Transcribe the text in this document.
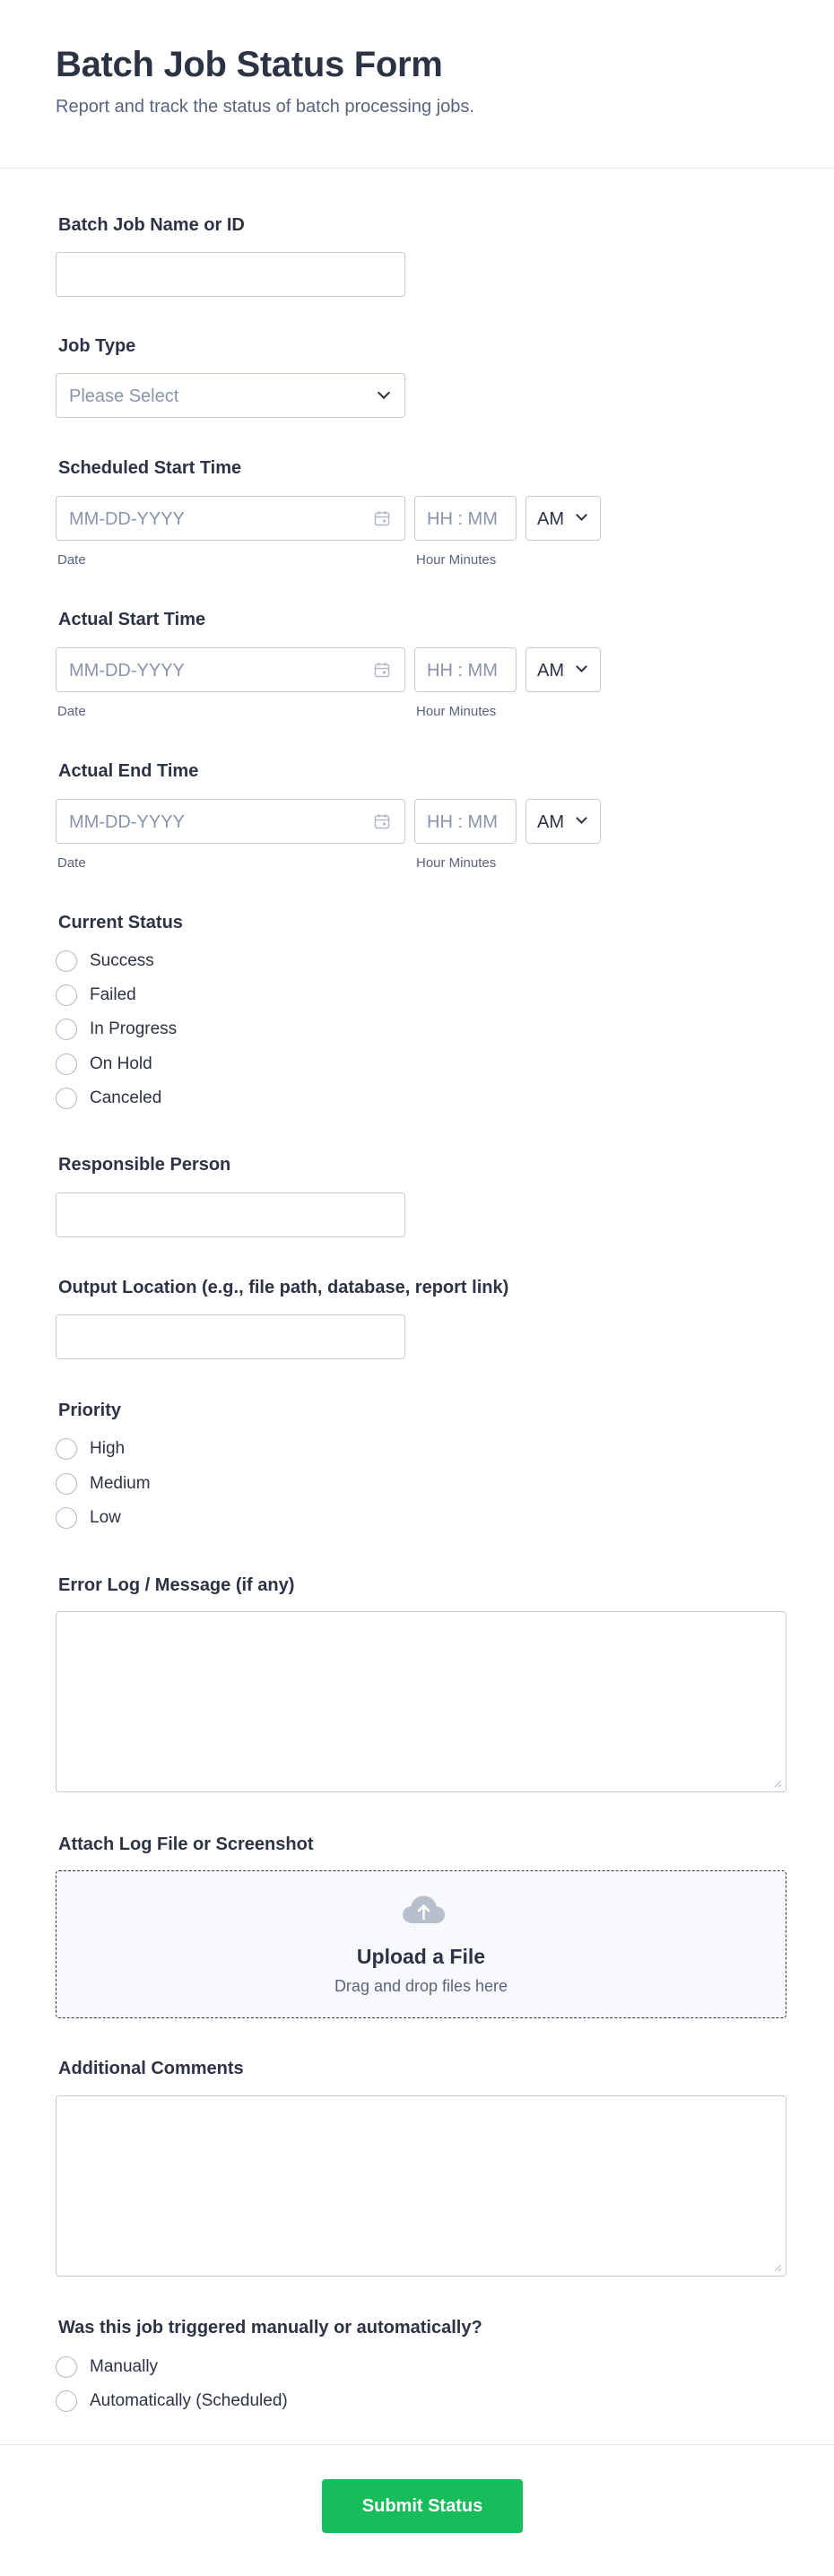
Batch Job Status Form
Report and track the status of batch processing jobs.
Batch Job Name or ID
Job Type
Please Select
Scheduled Start Time
MM-DD-YYYY	HH : MM AM
Date	Hour Minutes
Actual Start Time
MM-DD-YYYY	HH : MM AM
Date	Hour Minutes
Actual End Time
MM-DD-YYYY	HH : MM AM
Date	Hour Minutes
Current Status
Success
Failed
In Progress
On Hold
Canceled
Responsible Person
Output Location (e.g., file path, database, report link)
Priority
High
Medium
Low
Error Log / Message (if any)
Attach Log File or Screenshot
Upload a File
Drag and drop files here
Additional Comments
Was this job triggered manually or automatically?
Manually
Automatically (Scheduled)
Submit Status
